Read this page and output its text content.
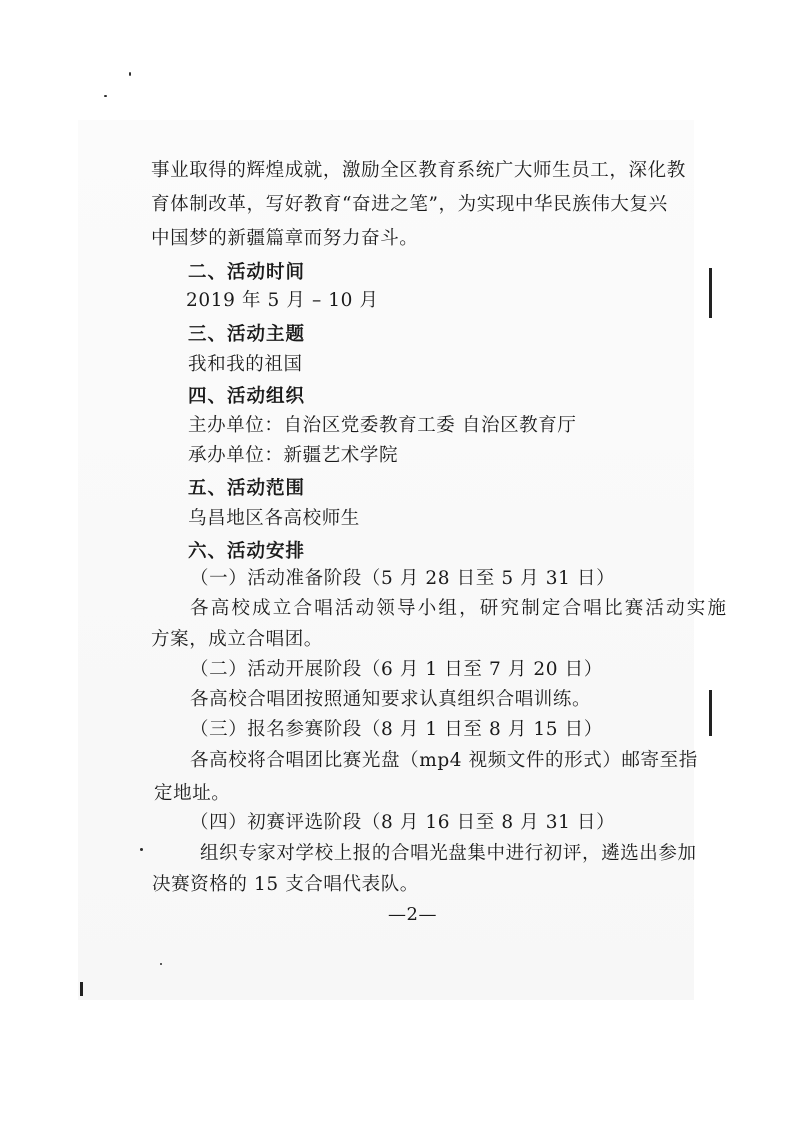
事业取得的辉煌成就，激励全区教育系统广大师生员工，深化教
育体制改革，写好教育“奋进之笔”，为实现中华民族伟大复兴
中国梦的新疆篇章而努力奋斗。
二、活动时间
2019 年 5 月 – 10 月
三、活动主题
我和我的祖国
四、活动组织
主办单位：自治区党委教育工委 自治区教育厅
承办单位：新疆艺术学院
五、活动范围
乌昌地区各高校师生
六、活动安排
（一）活动准备阶段（5 月 28 日至 5 月 31 日）
各高校成立合唱活动领导小组，研究制定合唱比赛活动实施
方案，成立合唱团。
（二）活动开展阶段（6 月 1 日至 7 月 20 日）
各高校合唱团按照通知要求认真组织合唱训练。
（三）报名参赛阶段（8 月 1 日至 8 月 15 日）
各高校将合唱团比赛光盘（mp4 视频文件的形式）邮寄至指
定地址。
（四）初赛评选阶段（8 月 16 日至 8 月 31 日）
组织专家对学校上报的合唱光盘集中进行初评，遴选出参加
决赛资格的 15 支合唱代表队。
—2—
